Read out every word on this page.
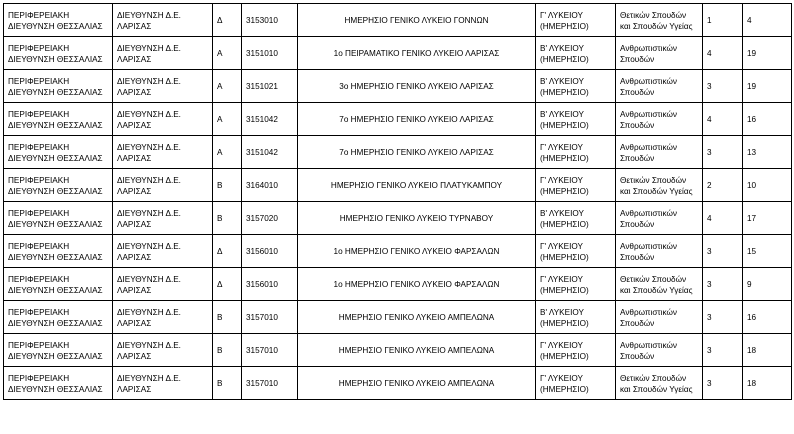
ΠΕΡΙΦΕΡΕΙΑΚΗ ΔΙΕΥΘΥΝΣΗ ΘΕΣΣΑΛΙΑΣ	ΔΙΕΥΘΥΝΣΗ Δ.Ε. ΛΑΡΙΣΑΣ	Δ	3153010	ΗΜΕΡΗΣΙΟ ΓΕΝΙΚΟ ΛΥΚΕΙΟ ΓΟΝΝΩΝ	Γ' ΛΥΚΕΙΟΥ (ΗΜΕΡΗΣΙΟ)	Θετικών Σπουδών και Σπουδών Υγείας	1	4
ΠΕΡΙΦΕΡΕΙΑΚΗ ΔΙΕΥΘΥΝΣΗ ΘΕΣΣΑΛΙΑΣ	ΔΙΕΥΘΥΝΣΗ Δ.Ε. ΛΑΡΙΣΑΣ	Α	3151010	1ο ΠΕΙΡΑΜΑΤΙΚΟ ΓΕΝΙΚΟ ΛΥΚΕΙΟ ΛΑΡΙΣΑΣ	Β' ΛΥΚΕΙΟΥ (ΗΜΕΡΗΣΙΟ)	Ανθρωπιστικών Σπουδών	4	19
ΠΕΡΙΦΕΡΕΙΑΚΗ ΔΙΕΥΘΥΝΣΗ ΘΕΣΣΑΛΙΑΣ	ΔΙΕΥΘΥΝΣΗ Δ.Ε. ΛΑΡΙΣΑΣ	Α	3151021	3ο ΗΜΕΡΗΣΙΟ ΓΕΝΙΚΟ ΛΥΚΕΙΟ ΛΑΡΙΣΑΣ	Β' ΛΥΚΕΙΟΥ (ΗΜΕΡΗΣΙΟ)	Ανθρωπιστικών Σπουδών	3	19
ΠΕΡΙΦΕΡΕΙΑΚΗ ΔΙΕΥΘΥΝΣΗ ΘΕΣΣΑΛΙΑΣ	ΔΙΕΥΘΥΝΣΗ Δ.Ε. ΛΑΡΙΣΑΣ	Α	3151042	7ο ΗΜΕΡΗΣΙΟ ΓΕΝΙΚΟ ΛΥΚΕΙΟ ΛΑΡΙΣΑΣ	Β' ΛΥΚΕΙΟΥ (ΗΜΕΡΗΣΙΟ)	Ανθρωπιστικών Σπουδών	4	16
ΠΕΡΙΦΕΡΕΙΑΚΗ ΔΙΕΥΘΥΝΣΗ ΘΕΣΣΑΛΙΑΣ	ΔΙΕΥΘΥΝΣΗ Δ.Ε. ΛΑΡΙΣΑΣ	Α	3151042	7ο ΗΜΕΡΗΣΙΟ ΓΕΝΙΚΟ ΛΥΚΕΙΟ ΛΑΡΙΣΑΣ	Γ' ΛΥΚΕΙΟΥ (ΗΜΕΡΗΣΙΟ)	Ανθρωπιστικών Σπουδών	3	13
ΠΕΡΙΦΕΡΕΙΑΚΗ ΔΙΕΥΘΥΝΣΗ ΘΕΣΣΑΛΙΑΣ	ΔΙΕΥΘΥΝΣΗ Δ.Ε. ΛΑΡΙΣΑΣ	Β	3164010	ΗΜΕΡΗΣΙΟ ΓΕΝΙΚΟ ΛΥΚΕΙΟ ΠΛΑΤΥΚΑΜΠΟΥ	Γ' ΛΥΚΕΙΟΥ (ΗΜΕΡΗΣΙΟ)	Θετικών Σπουδών και Σπουδών Υγείας	2	10
ΠΕΡΙΦΕΡΕΙΑΚΗ ΔΙΕΥΘΥΝΣΗ ΘΕΣΣΑΛΙΑΣ	ΔΙΕΥΘΥΝΣΗ Δ.Ε. ΛΑΡΙΣΑΣ	Β	3157020	ΗΜΕΡΗΣΙΟ ΓΕΝΙΚΟ ΛΥΚΕΙΟ ΤΥΡΝΑΒΟΥ	Β' ΛΥΚΕΙΟΥ (ΗΜΕΡΗΣΙΟ)	Ανθρωπιστικών Σπουδών	4	17
ΠΕΡΙΦΕΡΕΙΑΚΗ ΔΙΕΥΘΥΝΣΗ ΘΕΣΣΑΛΙΑΣ	ΔΙΕΥΘΥΝΣΗ Δ.Ε. ΛΑΡΙΣΑΣ	Δ	3156010	1ο ΗΜΕΡΗΣΙΟ ΓΕΝΙΚΟ ΛΥΚΕΙΟ ΦΑΡΣΑΛΩΝ	Γ' ΛΥΚΕΙΟΥ (ΗΜΕΡΗΣΙΟ)	Ανθρωπιστικών Σπουδών	3	15
ΠΕΡΙΦΕΡΕΙΑΚΗ ΔΙΕΥΘΥΝΣΗ ΘΕΣΣΑΛΙΑΣ	ΔΙΕΥΘΥΝΣΗ Δ.Ε. ΛΑΡΙΣΑΣ	Δ	3156010	1ο ΗΜΕΡΗΣΙΟ ΓΕΝΙΚΟ ΛΥΚΕΙΟ ΦΑΡΣΑΛΩΝ	Γ' ΛΥΚΕΙΟΥ (ΗΜΕΡΗΣΙΟ)	Θετικών Σπουδών και Σπουδών Υγείας	3	9
ΠΕΡΙΦΕΡΕΙΑΚΗ ΔΙΕΥΘΥΝΣΗ ΘΕΣΣΑΛΙΑΣ	ΔΙΕΥΘΥΝΣΗ Δ.Ε. ΛΑΡΙΣΑΣ	Β	3157010	ΗΜΕΡΗΣΙΟ ΓΕΝΙΚΟ ΛΥΚΕΙΟ ΑΜΠΕΛΩΝΑ	Β' ΛΥΚΕΙΟΥ (ΗΜΕΡΗΣΙΟ)	Ανθρωπιστικών Σπουδών	3	16
ΠΕΡΙΦΕΡΕΙΑΚΗ ΔΙΕΥΘΥΝΣΗ ΘΕΣΣΑΛΙΑΣ	ΔΙΕΥΘΥΝΣΗ Δ.Ε. ΛΑΡΙΣΑΣ	Β	3157010	ΗΜΕΡΗΣΙΟ ΓΕΝΙΚΟ ΛΥΚΕΙΟ ΑΜΠΕΛΩΝΑ	Γ' ΛΥΚΕΙΟΥ (ΗΜΕΡΗΣΙΟ)	Ανθρωπιστικών Σπουδών	3	18
ΠΕΡΙΦΕΡΕΙΑΚΗ ΔΙΕΥΘΥΝΣΗ ΘΕΣΣΑΛΙΑΣ	ΔΙΕΥΘΥΝΣΗ Δ.Ε. ΛΑΡΙΣΑΣ	Β	3157010	ΗΜΕΡΗΣΙΟ ΓΕΝΙΚΟ ΛΥΚΕΙΟ ΑΜΠΕΛΩΝΑ	Γ' ΛΥΚΕΙΟΥ (ΗΜΕΡΗΣΙΟ)	Θετικών Σπουδών και Σπουδών Υγείας	3	18
